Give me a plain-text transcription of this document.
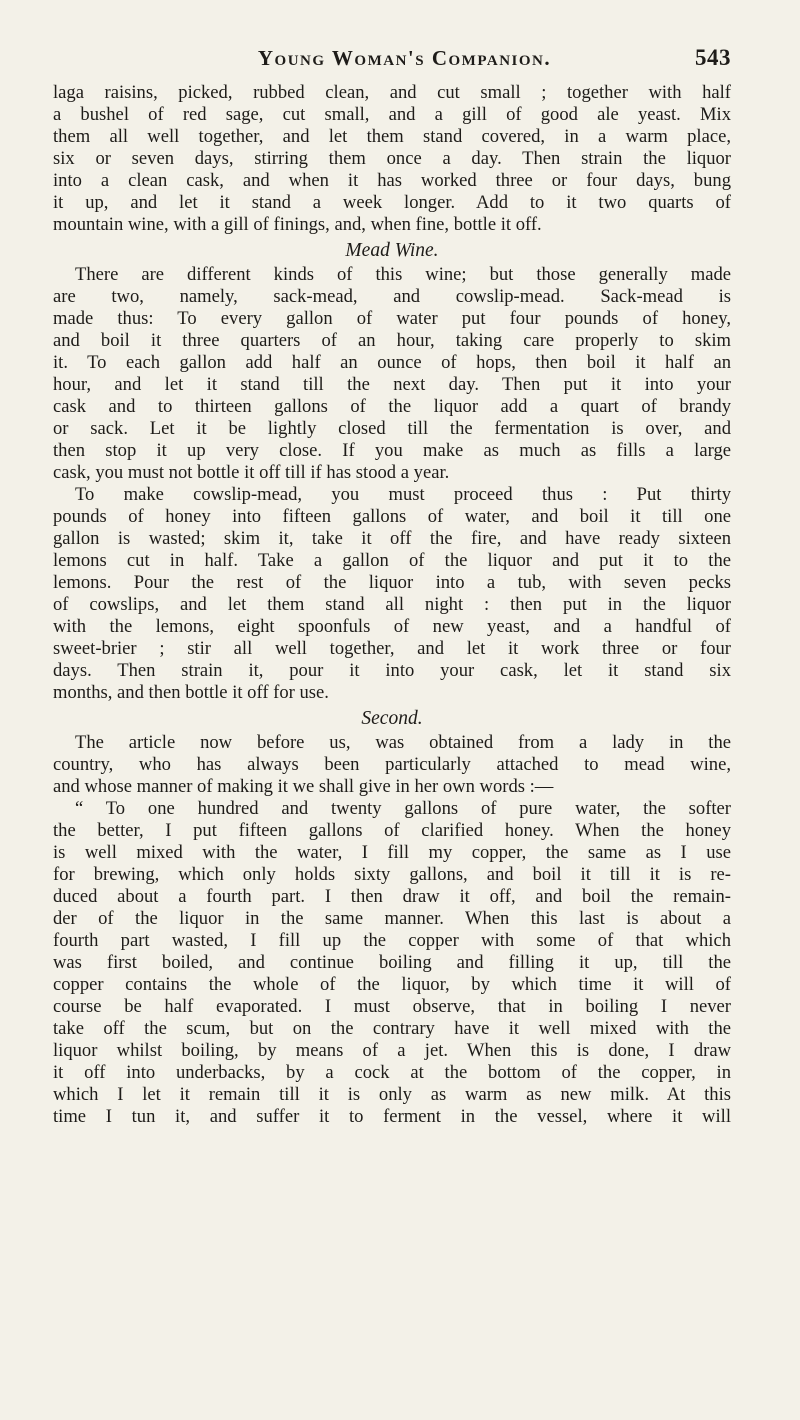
Young Woman's Companion.	543
laga raisins, picked, rubbed clean, and cut small ; together with half
a bushel of red sage, cut small, and a gill of good ale yeast. Mix
them all well together, and let them stand covered, in a warm place,
six or seven days, stirring them once a day. Then strain the liquor
into a clean cask, and when it has worked three or four days, bung
it up, and let it stand a week longer. Add to it two quarts of
mountain wine, with a gill of finings, and, when fine, bottle it off.
Mead Wine.
There are different kinds of this wine; but those generally made
are two, namely, sack-mead, and cowslip-mead. Sack-mead is
made thus: To every gallon of water put four pounds of honey,
and boil it three quarters of an hour, taking care properly to skim
it. To each gallon add half an ounce of hops, then boil it half an
hour, and let it stand till the next day. Then put it into your
cask and to thirteen gallons of the liquor add a quart of brandy
or sack. Let it be lightly closed till the fermentation is over, and
then stop it up very close. If you make as much as fills a large
cask, you must not bottle it off till if has stood a year.
To make cowslip-mead, you must proceed thus : Put thirty
pounds of honey into fifteen gallons of water, and boil it till one
gallon is wasted; skim it, take it off the fire, and have ready sixteen
lemons cut in half. Take a gallon of the liquor and put it to the
lemons. Pour the rest of the liquor into a tub, with seven pecks
of cowslips, and let them stand all night : then put in the liquor
with the lemons, eight spoonfuls of new yeast, and a handful of
sweet-brier ; stir all well together, and let it work three or four
days. Then strain it, pour it into your cask, let it stand six
months, and then bottle it off for use.
Second.
The article now before us, was obtained from a lady in the
country, who has always been particularly attached to mead wine,
and whose manner of making it we shall give in her own words :—
“ To one hundred and twenty gallons of pure water, the softer
the better, I put fifteen gallons of clarified honey. When the honey
is well mixed with the water, I fill my copper, the same as I use
for brewing, which only holds sixty gallons, and boil it till it is re-
duced about a fourth part. I then draw it off, and boil the remain-
der of the liquor in the same manner. When this last is about a
fourth part wasted, I fill up the copper with some of that which
was first boiled, and continue boiling and filling it up, till the
copper contains the whole of the liquor, by which time it will of
course be half evaporated. I must observe, that in boiling I never
take off the scum, but on the contrary have it well mixed with the
liquor whilst boiling, by means of a jet. When this is done, I draw
it off into underbacks, by a cock at the bottom of the copper, in
which I let it remain till it is only as warm as new milk. At this
time I tun it, and suffer it to ferment in the vessel, where it will
